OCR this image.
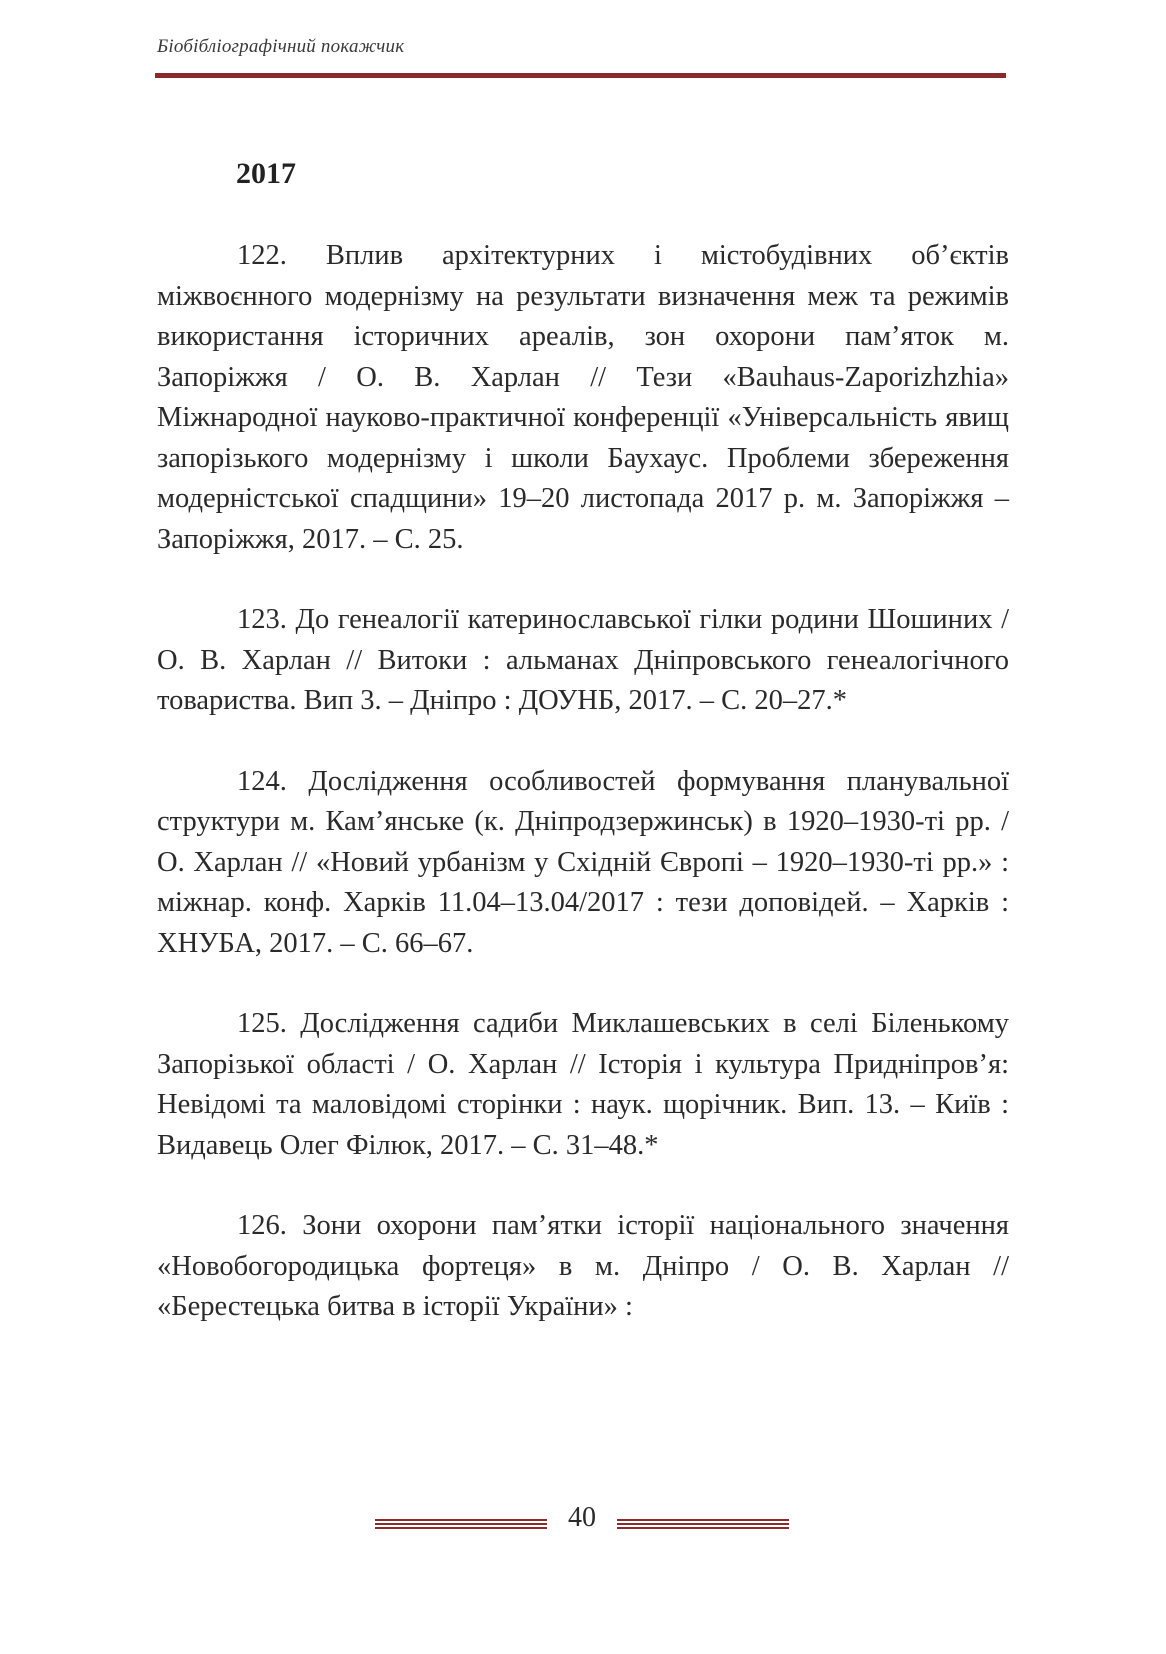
Біобібліографічний покажчик
2017

122. Вплив архітектурних і містобудівних об’єктів міжвоєнного модернізму на результати визначення меж та режимів використання історичних ареалів, зон охорони пам’яток м. Запоріжжя / О. В. Харлан // Тези «Bauhaus-Zaporizhzhia» Міжнародної науково-практичної конференції «Універсальність явищ запорізького модернізму і школи Баухаус. Проблеми збереження модерністської спадщини» 19–20 листопада 2017 р. м. Запоріжжя – Запоріжжя, 2017. – С. 25.

123. До генеалогії катеринославської гілки родини Шошиних / О. В. Харлан // Витоки : альманах Дніпровського генеалогічного товариства. Вип 3. – Дніпро : ДОУНБ, 2017. – С. 20–27.*

124. Дослідження особливостей формування планувальної структури м. Кам’янське (к. Дніпродзержинськ) в 1920–1930-ті рр. / О. Харлан // «Новий урбанізм у Східній Європі – 1920–1930-ті рр.» : міжнар. конф. Харків 11.04–13.04/2017 : тези доповідей. – Харків : ХНУБА, 2017. – С. 66–67.

125. Дослідження садиби Миклашевських в селі Біленькому Запорізької області / О. Харлан // Історія і культура Придніпров’я: Невідомі та маловідомі сторінки : наук. щорічник. Вип. 13. – Київ : Видавець Олег Філюк, 2017. – С. 31–48.*

126. Зони охорони пам’ятки історії національного значення «Новобогородицька фортеця» в м. Дніпро / О. В. Харлан // «Берестецька битва в історії України» :

40
